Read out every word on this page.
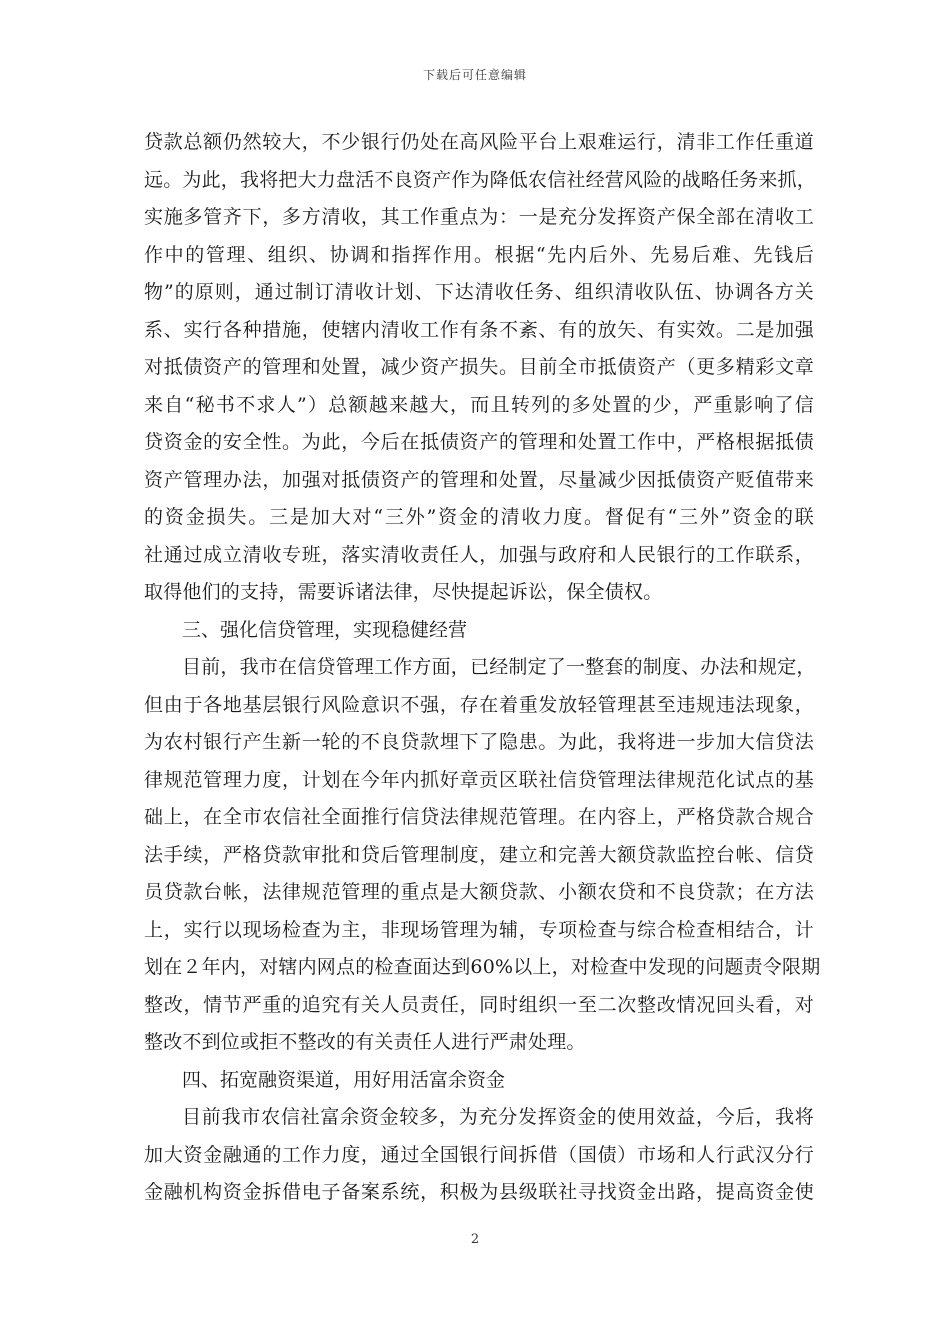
下载后可任意编辑
贷款总额仍然较大，不少银行仍处在高风险平台上艰难运行，清非工作任重道
远。为此，我将把大力盘活不良资产作为降低农信社经营风险的战略任务来抓，
实施多管齐下，多方清收，其工作重点为：一是充分发挥资产保全部在清收工
作中的管理、组织、协调和指挥作用。根据“先内后外、先易后难、先钱后
物”的原则，通过制订清收计划、下达清收任务、组织清收队伍、协调各方关
系、实行各种措施，使辖内清收工作有条不紊、有的放矢、有实效。二是加强
对抵债资产的管理和处置，减少资产损失。目前全市抵债资产（更多精彩文章
来自“秘书不求人”）总额越来越大，而且转列的多处置的少，严重影响了信
贷资金的安全性。为此，今后在抵债资产的管理和处置工作中，严格根据抵债
资产管理办法，加强对抵债资产的管理和处置，尽量减少因抵债资产贬值带来
的资金损失。三是加大对“三外”资金的清收力度。督促有“三外”资金的联
社通过成立清收专班，落实清收责任人，加强与政府和人民银行的工作联系，
取得他们的支持，需要诉诸法律，尽快提起诉讼，保全债权。
三、强化信贷管理，实现稳健经营
目前，我市在信贷管理工作方面，已经制定了一整套的制度、办法和规定，
但由于各地基层银行风险意识不强，存在着重发放轻管理甚至违规违法现象，
为农村银行产生新一轮的不良贷款埋下了隐患。为此，我将进一步加大信贷法
律规范管理力度，计划在今年内抓好章贡区联社信贷管理法律规范化试点的基
础上，在全市农信社全面推行信贷法律规范管理。在内容上，严格贷款合规合
法手续，严格贷款审批和贷后管理制度，建立和完善大额贷款监控台帐、信贷
员贷款台帐，法律规范管理的重点是大额贷款、小额农贷和不良贷款；在方法
上，实行以现场检查为主，非现场管理为辅，专项检查与综合检查相结合，计
划在２年内，对辖内网点的检查面达到60%以上，对检查中发现的问题责令限期
整改，情节严重的追究有关人员责任，同时组织一至二次整改情况回头看，对
整改不到位或拒不整改的有关责任人进行严肃处理。
四、拓宽融资渠道，用好用活富余资金
目前我市农信社富余资金较多，为充分发挥资金的使用效益，今后，我将
加大资金融通的工作力度，通过全国银行间拆借（国债）市场和人行武汉分行
金融机构资金拆借电子备案系统，积极为县级联社寻找资金出路，提高资金使
2
